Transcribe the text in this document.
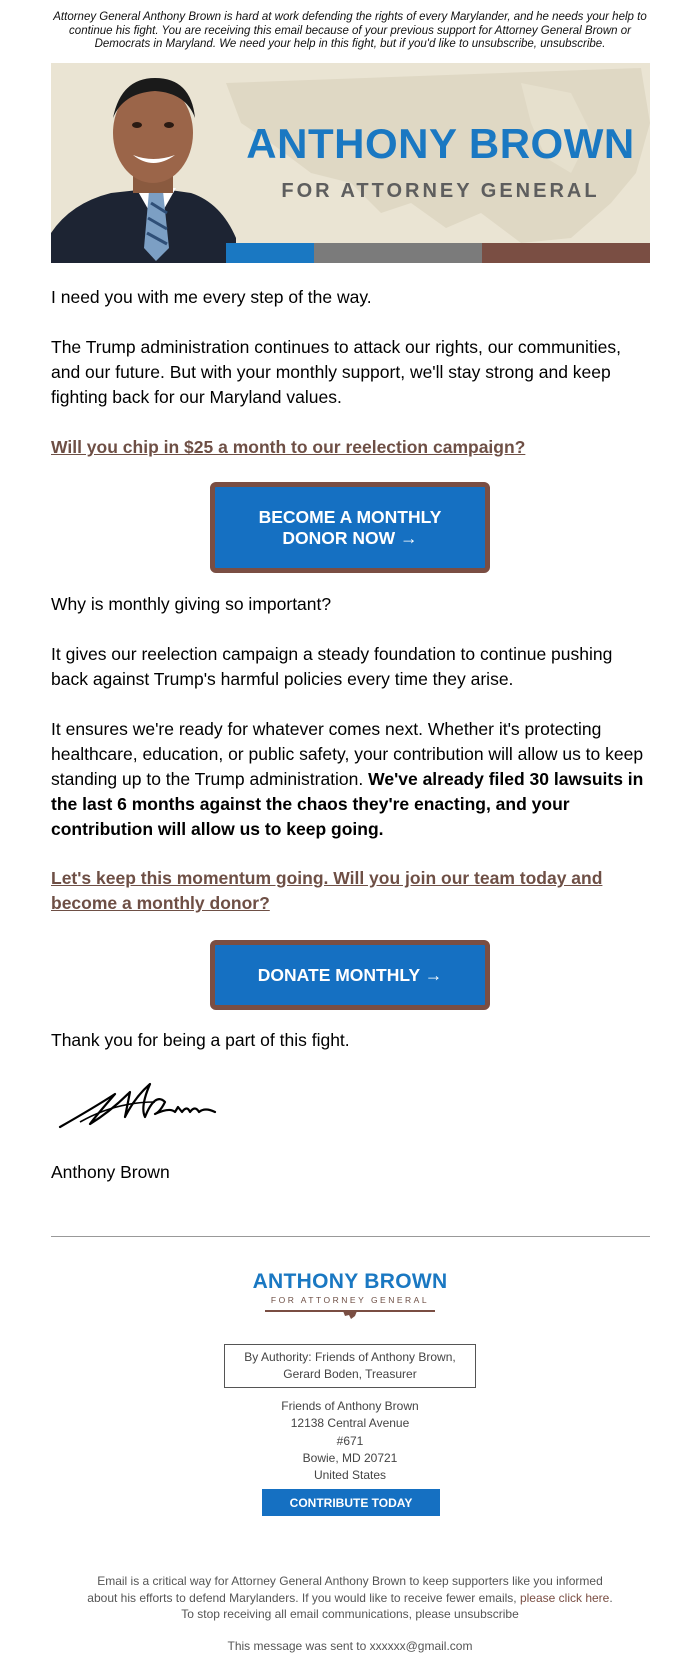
Attorney General Anthony Brown is hard at work defending the rights of every Marylander, and he needs your help to continue his fight. You are receiving this email because of your previous support for Attorney General Brown or Democrats in Maryland. We need your help in this fight, but if you'd like to unsubscribe, unsubscribe.
ANTHONY BROWN
FOR ATTORNEY GENERAL
I need you with me every step of the way.
The Trump administration continues to attack our rights, our communities, and our future. But with your monthly support, we'll stay strong and keep fighting back for our Maryland values.
Will you chip in $25 a month to our reelection campaign?
BECOME A MONTHLY DONOR NOW →
Why is monthly giving so important?
It gives our reelection campaign a steady foundation to continue pushing back against Trump's harmful policies every time they arise.
It ensures we're ready for whatever comes next. Whether it's protecting healthcare, education, or public safety, your contribution will allow us to keep standing up to the Trump administration. We've already filed 30 lawsuits in the last 6 months against the chaos they're enacting, and your contribution will allow us to keep going.
Let's keep this momentum going. Will you join our team today and become a monthly donor?
DONATE MONTHLY →
Thank you for being a part of this fight.
Anthony Brown
ANTHONY BROWN
FOR ATTORNEY GENERAL
By Authority: Friends of Anthony Brown,
Gerard Boden, Treasurer
Friends of Anthony Brown
12138 Central Avenue
#671
Bowie, MD 20721
United States
CONTRIBUTE TODAY
Email is a critical way for Attorney General Anthony Brown to keep supporters like you informed
about his efforts to defend Marylanders. If you would like to receive fewer emails, please click here.
To stop receiving all email communications, please unsubscribe
This message was sent to xxxxxx@gmail.com
